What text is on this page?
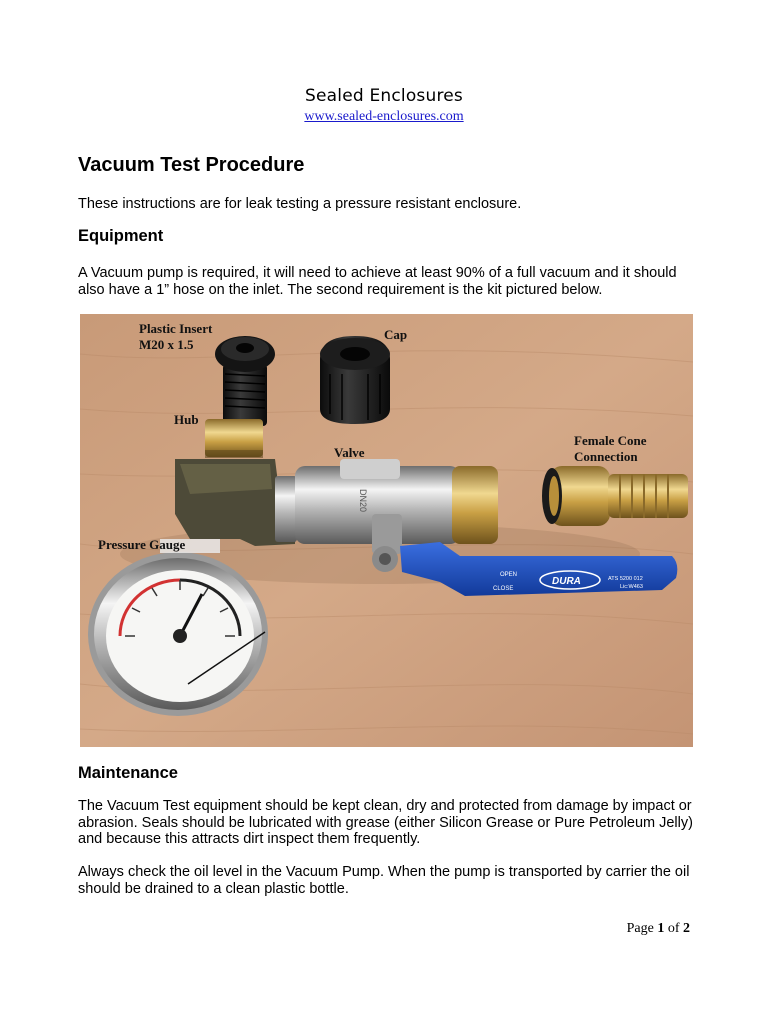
Sealed Enclosures
www.sealed-enclosures.com
Vacuum Test Procedure
These instructions are for leak testing a pressure resistant enclosure.
Equipment
A Vacuum pump is required, it will need to achieve at least 90% of a full vacuum and it should also have a 1” hose on the inlet. The second requirement is the kit pictured below.
DN20
OPEN
CLOSE
DURA	ATS 5200 012
Lic:W463
Plastic Insert
M20 x 1.5
Cap
Hub
Valve
Female Cone
Connection
Pressure Gauge
Maintenance
The Vacuum Test equipment should be kept clean, dry and protected from damage by impact or abrasion. Seals should be lubricated with grease (either Silicon Grease or Pure Petroleum Jelly) and because this attracts dirt inspect them frequently.
Always check the oil level in the Vacuum Pump. When the pump is transported by carrier the oil should be drained to a clean plastic bottle.
Page 1 of 2
